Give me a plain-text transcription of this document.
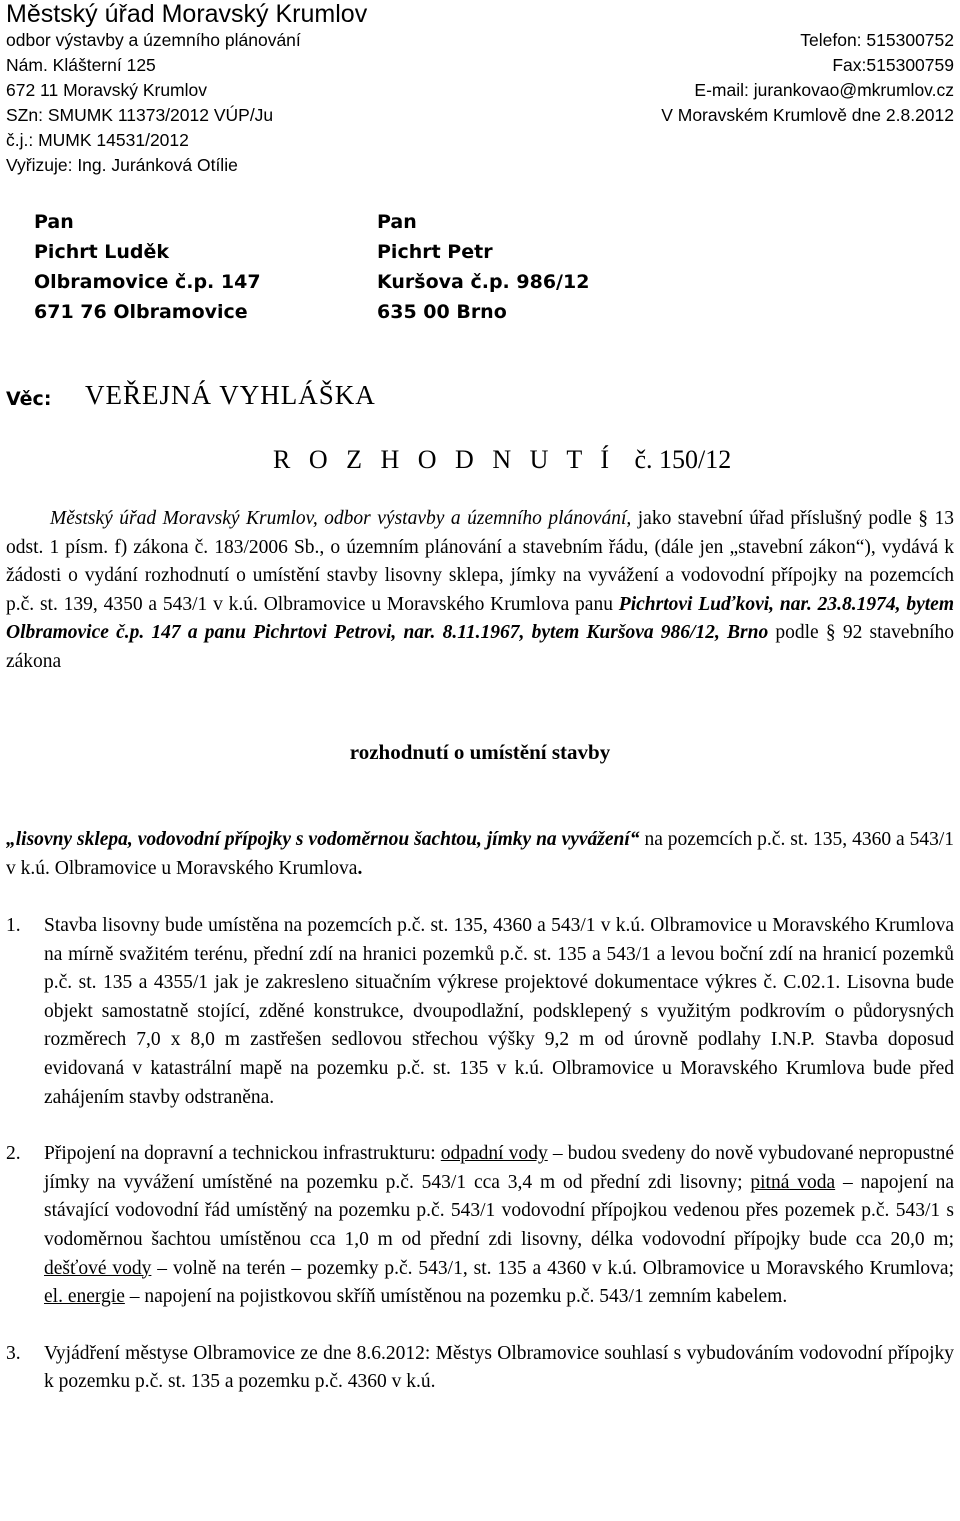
Městský úřad Moravský Krumlov
odbor výstavby a územního plánování
Nám. Klášterní 125
672 11 Moravský Krumlov
SZn: SMUMK 11373/2012 VÚP/Ju
č.j.: MUMK 14531/2012
Vyřizuje: Ing. Juránková Otílie
Telefon: 515300752
Fax:515300759
E-mail: jurankovao@mkrumlov.cz
V Moravském Krumlově dne 2.8.2012
Pan
Pichrt Luděk
Olbramovice č.p. 147
671 76 Olbramovice
Pan
Pichrt Petr
Kuršova č.p. 986/12
635 00 Brno
Věc: VEŘEJNÁ VYHLÁŠKA
R O Z H O D N U T Í č. 150/12

Městský úřad Moravský Krumlov, odbor výstavby a územního plánování, jako stavební úřad příslušný podle § 13 odst. 1 písm. f) zákona č. 183/2006 Sb., o územním plánování a stavebním řádu, (dále jen „stavební zákon“), vydává k žádosti o vydání rozhodnutí o umístění stavby lisovny sklepa, jímky na vyvážení a vodovodní přípojky na pozemcích p.č. st. 139, 4350 a 543/1 v k.ú. Olbramovice u Moravského Krumlova panu Pichrtovi Luďkovi, nar. 23.8.1974, bytem Olbramovice č.p. 147 a panu Pichrtovi Petrovi, nar. 8.11.1967, bytem Kuršova 986/12, Brno podle § 92 stavebního zákona

rozhodnutí o umístění stavby

„lisovny sklepa, vodovodní přípojky s vodoměrnou šachtou, jímky na vyvážení“ na pozemcích p.č. st. 135, 4360 a 543/1 v k.ú. Olbramovice u Moravského Krumlova.

1.	Stavba lisovny bude umístěna na pozemcích p.č. st. 135, 4360 a 543/1 v k.ú. Olbramovice u Moravského Krumlova na mírně svažitém terénu, přední zdí na hranici pozemků p.č. st. 135 a 543/1 a levou boční zdí na hranicí pozemků p.č. st. 135 a 4355/1 jak je zakresleno situačním výkrese projektové dokumentace výkres č. C.02.1. Lisovna bude objekt samostatně stojící, zděné konstrukce, dvoupodlažní, podsklepený s využitým podkrovím o půdorysných rozměrech 7,0 x 8,0 m zastřešen sedlovou střechou výšky 9,2 m od úrovně podlahy I.N.P. Stavba doposud evidovaná v katastrální mapě na pozemku p.č. st. 135 v k.ú. Olbramovice u Moravského Krumlova bude před zahájením stavby odstraněna.
2.	Připojení na dopravní a technickou infrastrukturu: odpadní vody – budou svedeny do nově vybudované nepropustné jímky na vyvážení umístěné na pozemku p.č. 543/1 cca 3,4 m od přední zdi lisovny; pitná voda – napojení na stávající vodovodní řád umístěný na pozemku p.č. 543/1 vodovodní přípojkou vedenou přes pozemek p.č. 543/1 s vodoměrnou šachtou umístěnou cca 1,0 m od přední zdi lisovny, délka vodovodní přípojky bude cca 20,0 m; dešťové vody – volně na terén – pozemky p.č. 543/1, st. 135 a 4360 v k.ú. Olbramovice u Moravského Krumlova; el. energie – napojení na pojistkovou skříň umístěnou na pozemku p.č. 543/1 zemním kabelem.
3.	Vyjádření městyse Olbramovice ze dne 8.6.2012: Městys Olbramovice souhlasí s vybudováním vodovodní přípojky k pozemku p.č. st. 135 a pozemku p.č. 4360 v k.ú.
